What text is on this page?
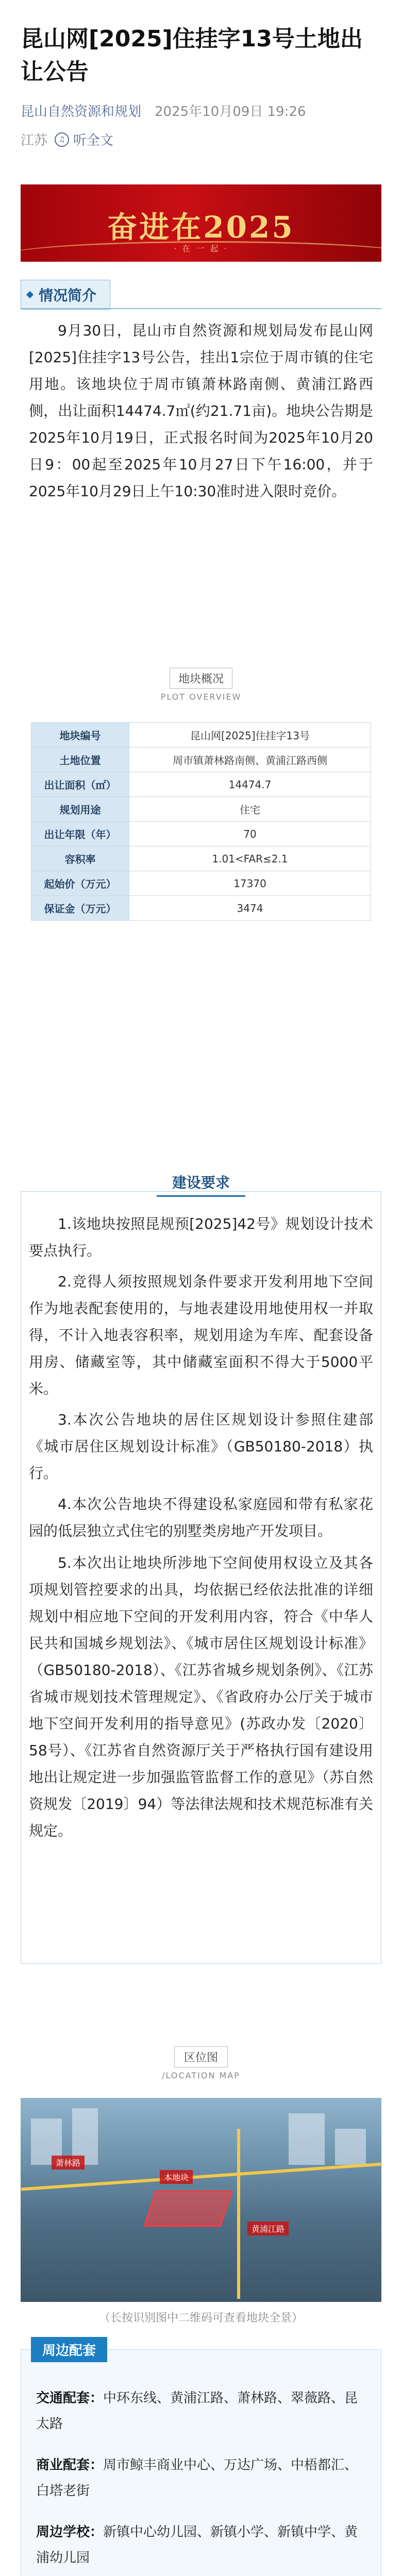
昆山网[2025]住挂字13号土地出让公告
昆山自然资源和规划 2025年10月09日 19:26
江苏	♫ 听全文
奋进在2025
· 在 一 起 ·
情况简介

9月30日，昆山市自然资源和规划局发布昆山网[2025]住挂字13号公告，挂出1宗位于周市镇的住宅用地。该地块位于周市镇萧林路南侧、黄浦江路西侧，出让面积14474.7㎡(约21.71亩)。地块公告期是2025年10月19日，正式报名时间为2025年10月20日9：00起至2025年10月27日下午16:00，并于2025年10月29日上午10:30准时进入限时竞价。

地块概况
PLOT OVERVIEW
地块编号	昆山网[2025]住挂字13号
土地位置	周市镇萧林路南侧、黄浦江路西侧
出让面积（㎡）	14474.7
规划用途	住宅
出让年限（年）	70
容积率	1.01<FAR≤2.1
起始价（万元）	17370
保证金（万元）	3474
建设要求

1.该地块按照昆规预[2025]42号》规划设计技术要点执行。

2.竞得人须按照规划条件要求开发利用地下空间作为地表配套使用的，与地表建设用地使用权一并取得，不计入地表容积率，规划用途为车库、配套设备用房、储藏室等，其中储藏室面积不得大于5000平米。

3.本次公告地块的居住区规划设计参照住建部《城市居住区规划设计标准》（GB50180-2018）执行。

4.本次公告地块不得建设私家庭园和带有私家花园的低层独立式住宅的别墅类房地产开发项目。

5.本次出让地块所涉地下空间使用权设立及其各项规划管控要求的出具，均依据已经依法批准的详细规划中相应地下空间的开发利用内容，符合《中华人民共和国城乡规划法》、《城市居住区规划设计标准》（GB50180-2018）、《江苏省城乡规划条例》、《江苏省城市规划技术管理规定》、《省政府办公厅关于城市地下空间开发利用的指导意见》(苏政办发〔2020〕58号）、《江苏省自然资源厅关于严格执行国有建设用地出让规定进一步加强监管监督工作的意见》（苏自然资规发〔2019〕94）等法律法规和技术规范标准有关规定。

区位图
/LOCATION MAP
本地块
萧林路
黄浦江路
（长按识别图中二维码可查看地块全景）
周边配套
交通配套：中环东线、黄浦江路、萧林路、翠薇路、昆太路
商业配套：周市鲸丰商业中心、万达广场、中梧都汇、白塔老街
周边学校：新镇中心幼儿园、新镇小学、新镇中学、黄浦幼儿园
